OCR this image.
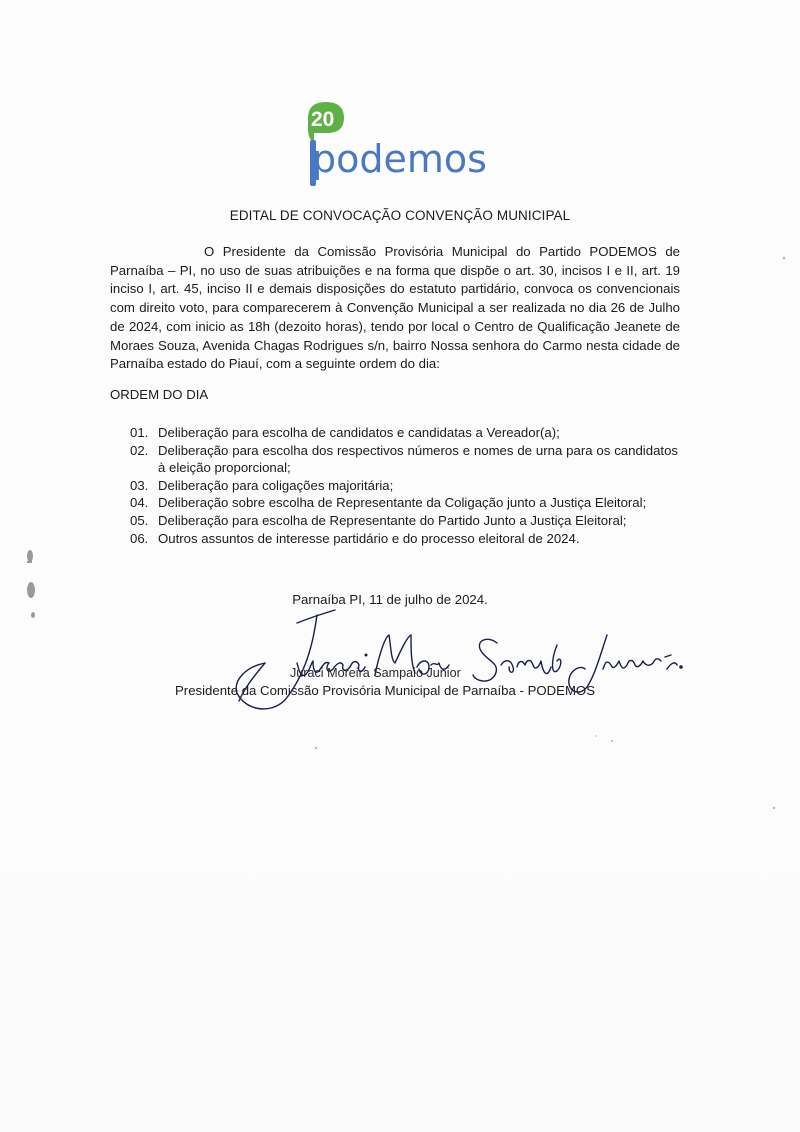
20
podemos
EDITAL DE CONVOCAÇÃO CONVENÇÃO MUNICIPAL

O Presidente da Comissão Provisória Municipal do Partido PODEMOS de Parnaíba – PI, no uso de suas atribuições e na forma que dispõe o art. 30, incisos I e II, art. 19 inciso I, art. 45, inciso II e demais disposições do estatuto partidário, convoca os convencionais com direito voto, para comparecerem à Convenção Municipal a ser realizada no dia 26 de Julho de 2024, com inicio as 18h (dezoito horas), tendo por local o Centro de Qualificação Jeanete de Moraes Souza, Avenida Chagas Rodrigues s/n, bairro Nossa senhora do Carmo nesta cidade de Parnaíba estado do Piauí, com a seguinte ordem do dia:

ORDEM DO DIA
01. Deliberação para escolha de candidatos e candidatas a Vereador(a);
02. Deliberação para escolha dos respectivos números e nomes de urna para os candidatos à eleição proporcional;
03. Deliberação para coligações majoritária;
04. Deliberação sobre escolha de Representante da Coligação junto a Justiça Eleitoral;
05. Deliberação para escolha de Representante do Partido Junto a Justiça Eleitoral;
06. Outros assuntos de interesse partidário e do processo eleitoral de 2024.
Parnaíba PI, 11 de julho de 2024.
Juraci Moreira Sampaio Junior
Presidente da Comissão Provisória Municipal de Parnaíba - PODEMOS
